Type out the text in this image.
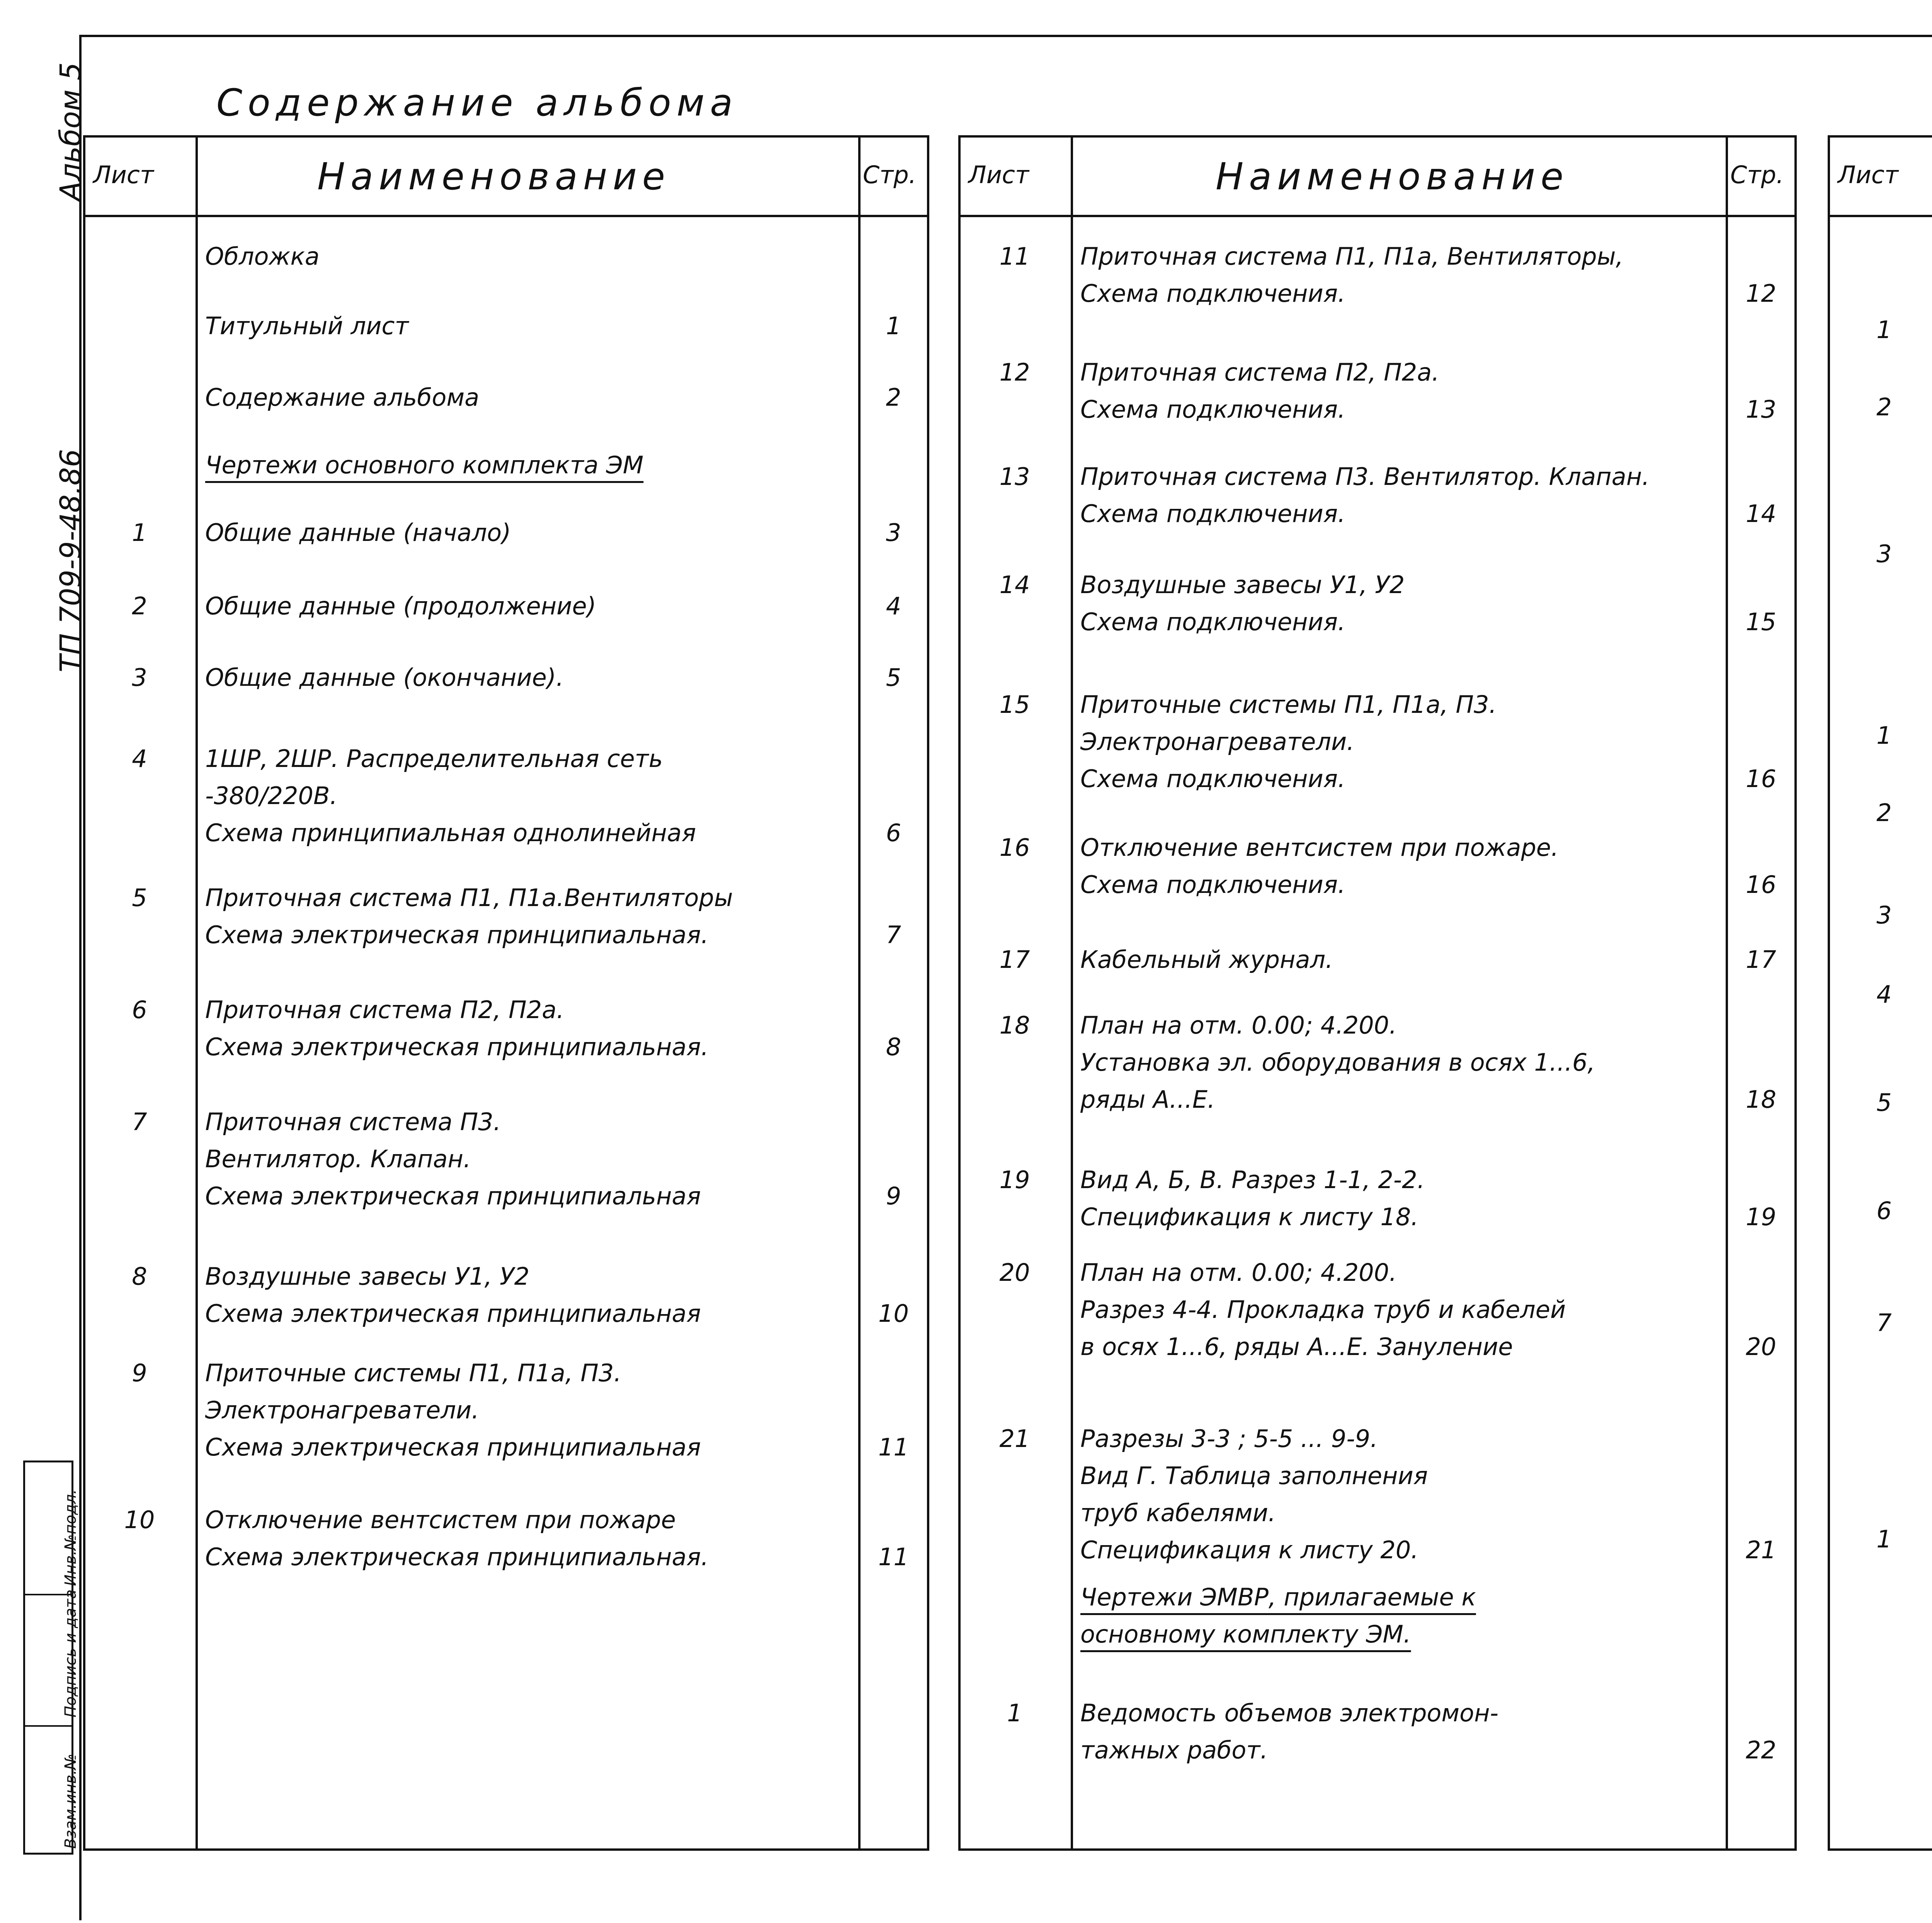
Альбом 5
ТП 709-9-48.86
Инв.№подл.
Подпись и дата
Взам.инв.№
Содержание альбома
Лист	Наименование	Стр.
Обложка
Титульный лист	1
Содержание альбома	2
Чертежи основного комплекта ЭМ
1	Общие данные (начало)	3
2	Общие данные (продолжение)	4
3	Общие данные (окончание).	5
4	1ШР, 2ШР. Распределительная сеть
-380/220В.
Схема принципиальная однолинейная	6
5	Приточная система П1, П1а.Вентиляторы
Схема электрическая принципиальная.	7
6	Приточная система П2, П2а.
Схема электрическая принципиальная.	8
7	Приточная система П3.
Вентилятор. Клапан.
Схема электрическая принципиальная	9
8	Воздушные завесы У1, У2
Схема электрическая принципиальная	10
9	Приточные системы П1, П1а, П3.
Электронагреватели.
Схема электрическая принципиальная	11
10	Отключение вентсистем при пожаре
Схема электрическая принципиальная.	11
Лист	Наименование	Стр.
11	Приточная система П1, П1а, Вентиляторы,
Схема подключения.	12
12	Приточная система П2, П2а.
Схема подключения.	13
13	Приточная система П3. Вентилятор. Клапан.
Схема подключения.	14
14	Воздушные завесы У1, У2
Схема подключения.	15
15	Приточные системы П1, П1а, П3.
Электронагреватели.
Схема подключения.	16
16	Отключение вентсистем при пожаре.
Схема подключения.	16
17	Кабельный журнал.	17
18	План на отм. 0.00; 4.200.
Установка эл. оборудования в осях 1...6,
ряды А...Е.	18
19	Вид А, Б, В. Разрез 1-1, 2-2.
Спецификация к листу 18.	19
20	План на отм. 0.00; 4.200.
Разрез 4-4. Прокладка труб и кабелей
в осях 1...6, ряды А...Е. Зануление	20
21	Разрезы 3-3 ; 5-5 ... 9-9.
Вид Г. Таблица заполнения
труб кабелями.
Спецификация к листу 20.	21
Чертежи ЭМВР, прилагаемые к
основному комплекту ЭМ.
1	Ведомость объемов электромон-
тажных работ.	22
Лист
1
2
3
1
2
3
4
5
6
7
1
